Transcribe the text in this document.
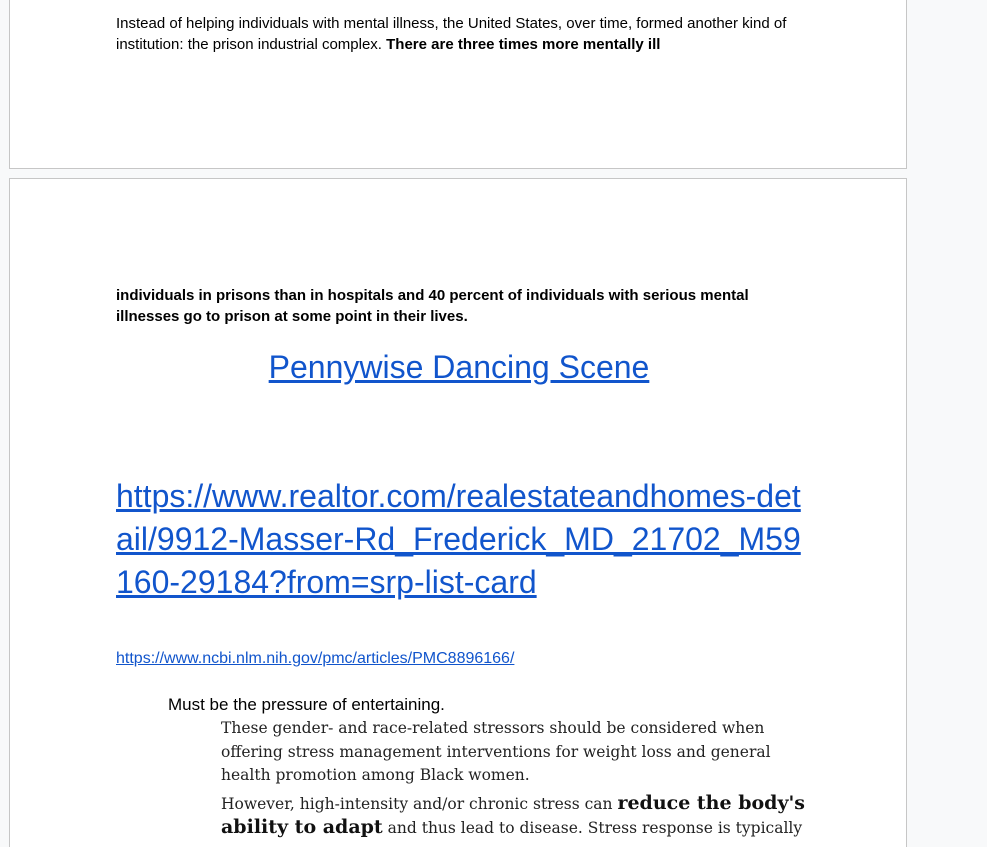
Instead of helping individuals with mental illness, the United States, over time, formed another kind of institution: the prison industrial complex. There are three times more mentally ill
individuals in prisons than in hospitals and 40 percent of individuals with serious mental illnesses go to prison at some point in their lives.
Pennywise Dancing Scene
https://www.realtor.com/realestateandhomes-detail/9912-Masser-Rd_Frederick_MD_21702_M59160-29184?from=srp-list-card
https://www.ncbi.nlm.nih.gov/pmc/articles/PMC8896166/
Must be the pressure of entertaining.

These gender- and race-related stressors should be considered when offering stress management interventions for weight loss and general health promotion among Black women.

However, high-intensity and/or chronic stress can reduce the body's ability to adapt and thus lead to disease. Stress response is typically
